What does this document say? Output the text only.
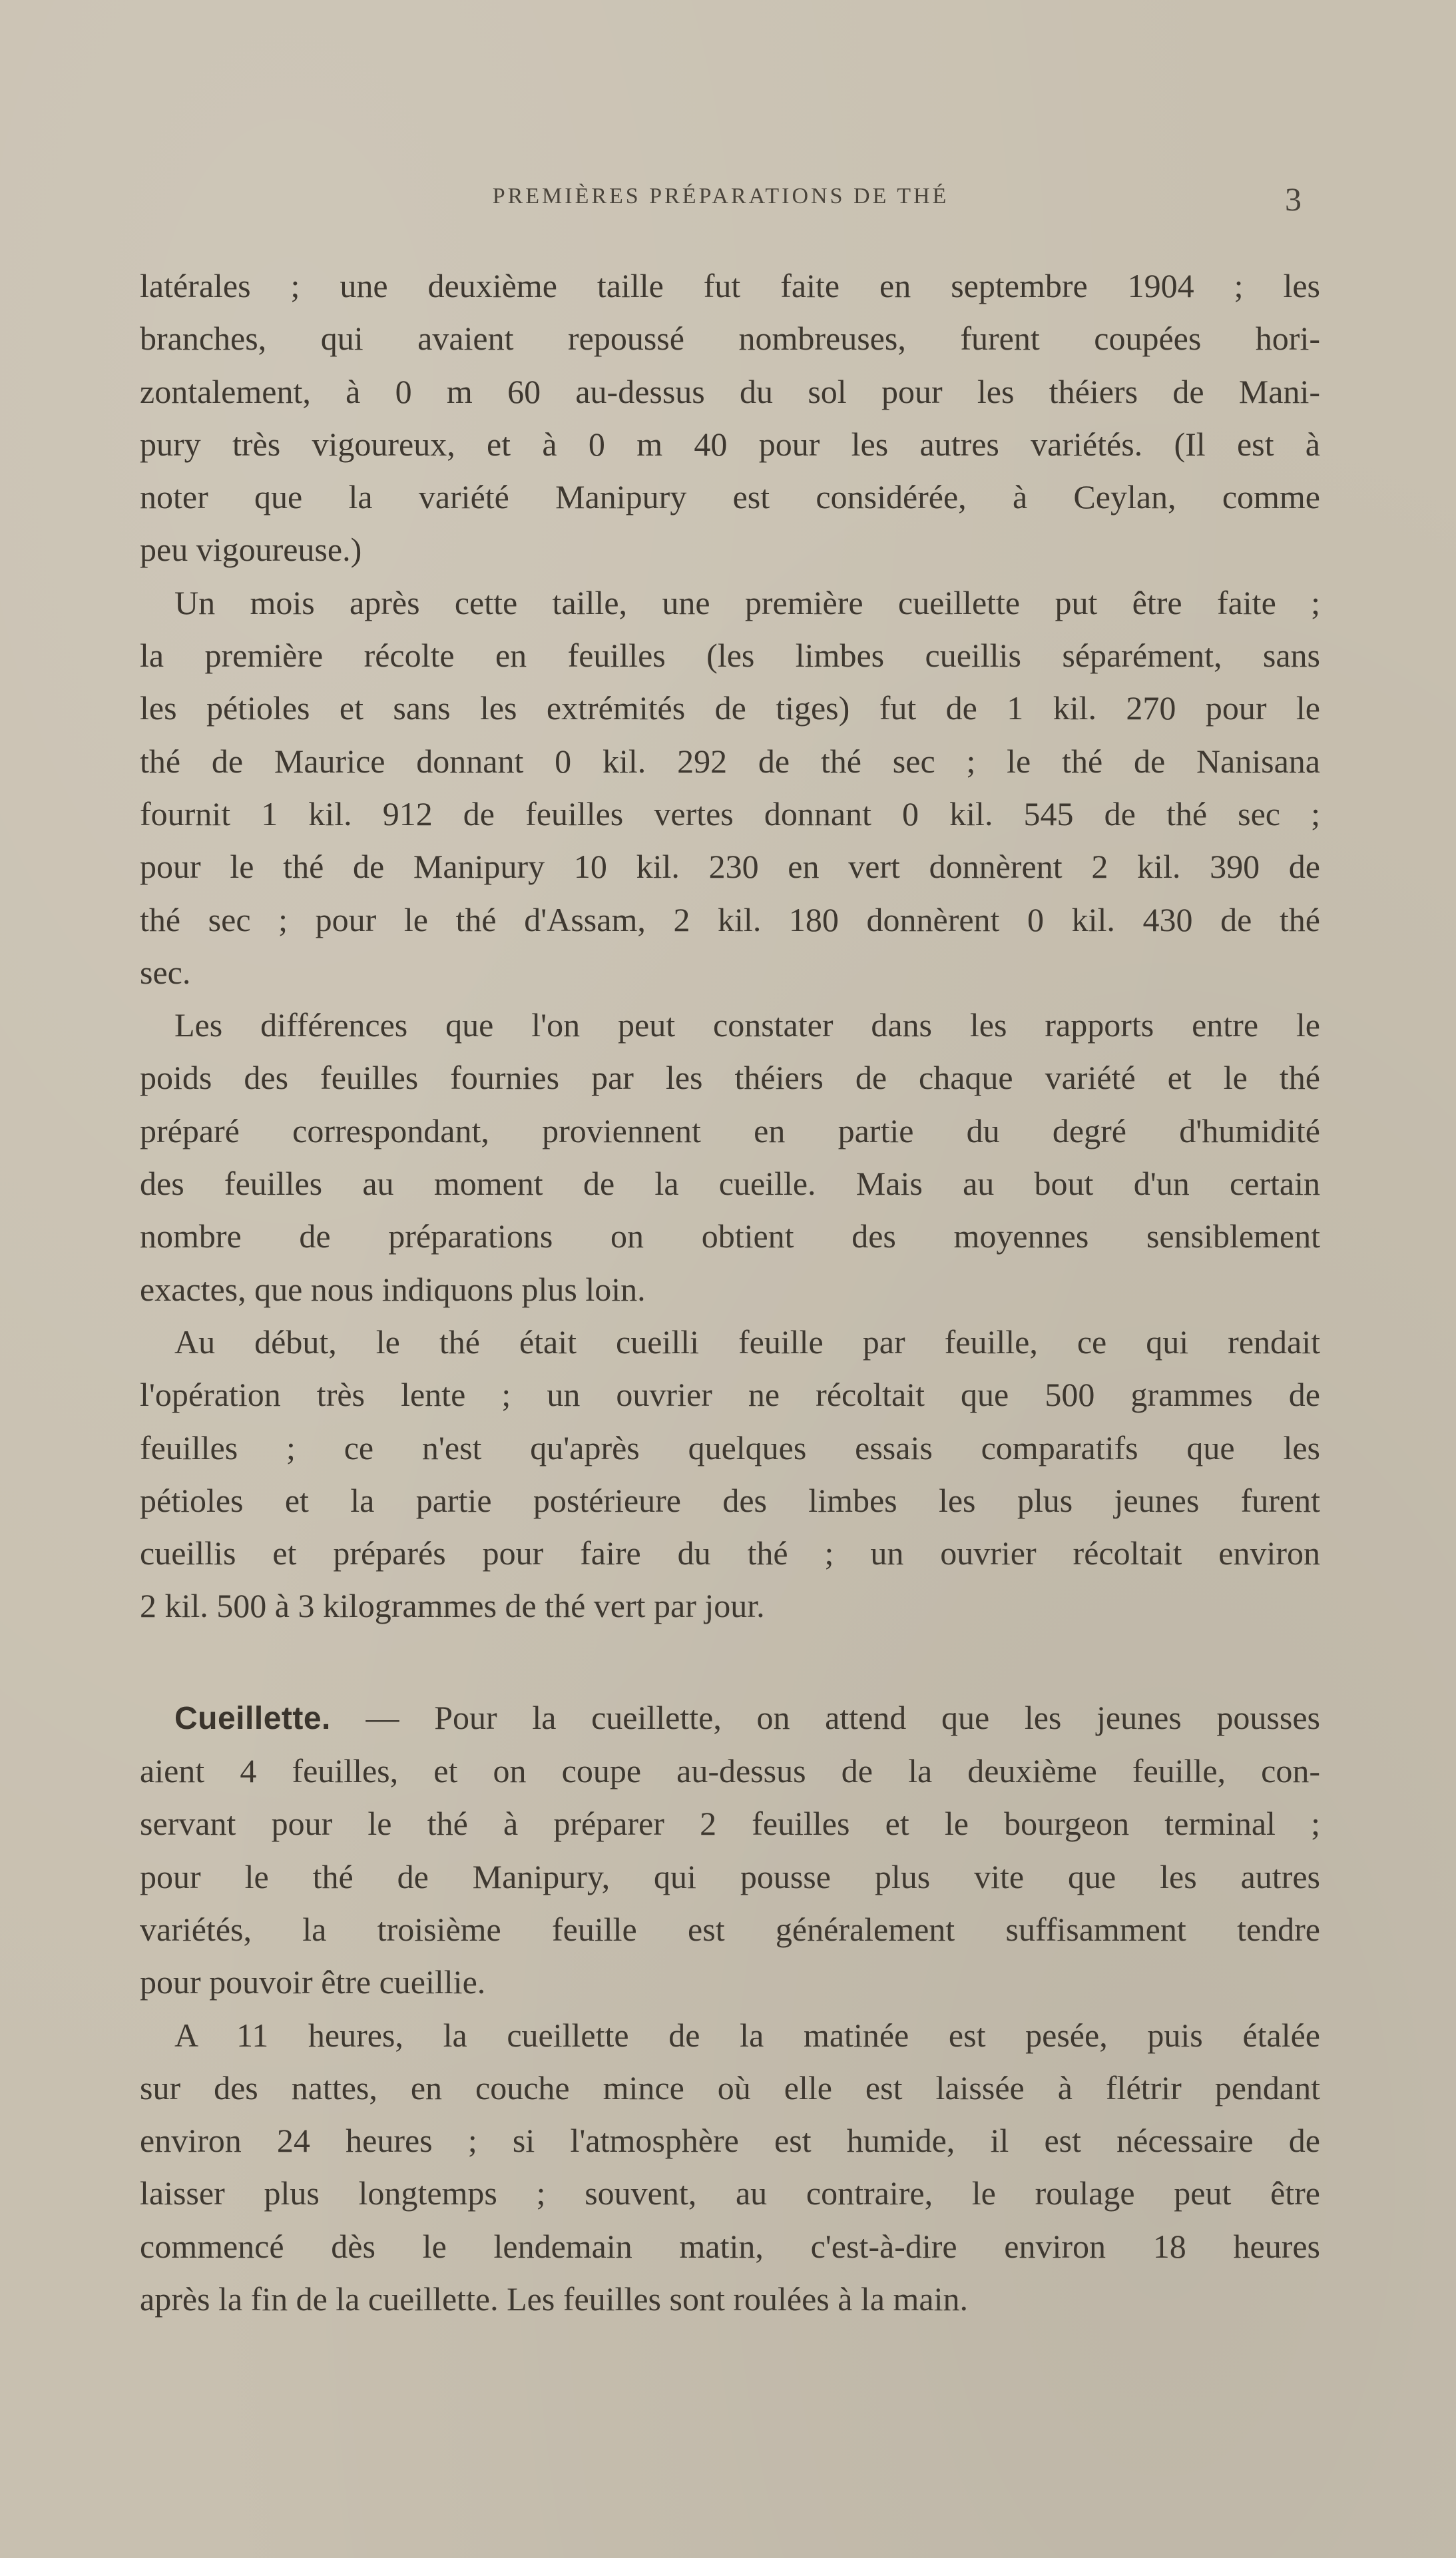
PREMIÈRES PRÉPARATIONS DE THÉ	3

latérales ; une deuxième taille fut faite en septembre 1904 ; les
branches, qui avaient repoussé nombreuses, furent coupées hori-
zontalement, à 0 m 60 au-dessus du sol pour les théiers de Mani-
pury très vigoureux, et à 0 m 40 pour les autres variétés. (Il est à
noter que la variété Manipury est considérée, à Ceylan, comme
peu vigoureuse.)

Un mois après cette taille, une première cueillette put être faite ;
la première récolte en feuilles (les limbes cueillis séparément, sans
les pétioles et sans les extrémités de tiges) fut de 1 kil. 270 pour le
thé de Maurice donnant 0 kil. 292 de thé sec ; le thé de Nanisana
fournit 1 kil. 912 de feuilles vertes donnant 0 kil. 545 de thé sec ;
pour le thé de Manipury 10 kil. 230 en vert donnèrent 2 kil. 390 de
thé sec ; pour le thé d'Assam, 2 kil. 180 donnèrent 0 kil. 430 de thé
sec.

Les différences que l'on peut constater dans les rapports entre le
poids des feuilles fournies par les théiers de chaque variété et le thé
préparé correspondant, proviennent en partie du degré d'humidité
des feuilles au moment de la cueille. Mais au bout d'un certain
nombre de préparations on obtient des moyennes sensiblement
exactes, que nous indiquons plus loin.

Au début, le thé était cueilli feuille par feuille, ce qui rendait
l'opération très lente ; un ouvrier ne récoltait que 500 grammes de
feuilles ; ce n'est qu'après quelques essais comparatifs que les
pétioles et la partie postérieure des limbes les plus jeunes furent
cueillis et préparés pour faire du thé ; un ouvrier récoltait environ
2 kil. 500 à 3 kilogrammes de thé vert par jour.

Cueillette. — Pour la cueillette, on attend que les jeunes pousses
aient 4 feuilles, et on coupe au-dessus de la deuxième feuille, con-
servant pour le thé à préparer 2 feuilles et le bourgeon terminal ;
pour le thé de Manipury, qui pousse plus vite que les autres
variétés, la troisième feuille est généralement suffisamment tendre
pour pouvoir être cueillie.

A 11 heures, la cueillette de la matinée est pesée, puis étalée
sur des nattes, en couche mince où elle est laissée à flétrir pendant
environ 24 heures ; si l'atmosphère est humide, il est nécessaire de
laisser plus longtemps ; souvent, au contraire, le roulage peut être
commencé dès le lendemain matin, c'est-à-dire environ 18 heures
après la fin de la cueillette. Les feuilles sont roulées à la main.
